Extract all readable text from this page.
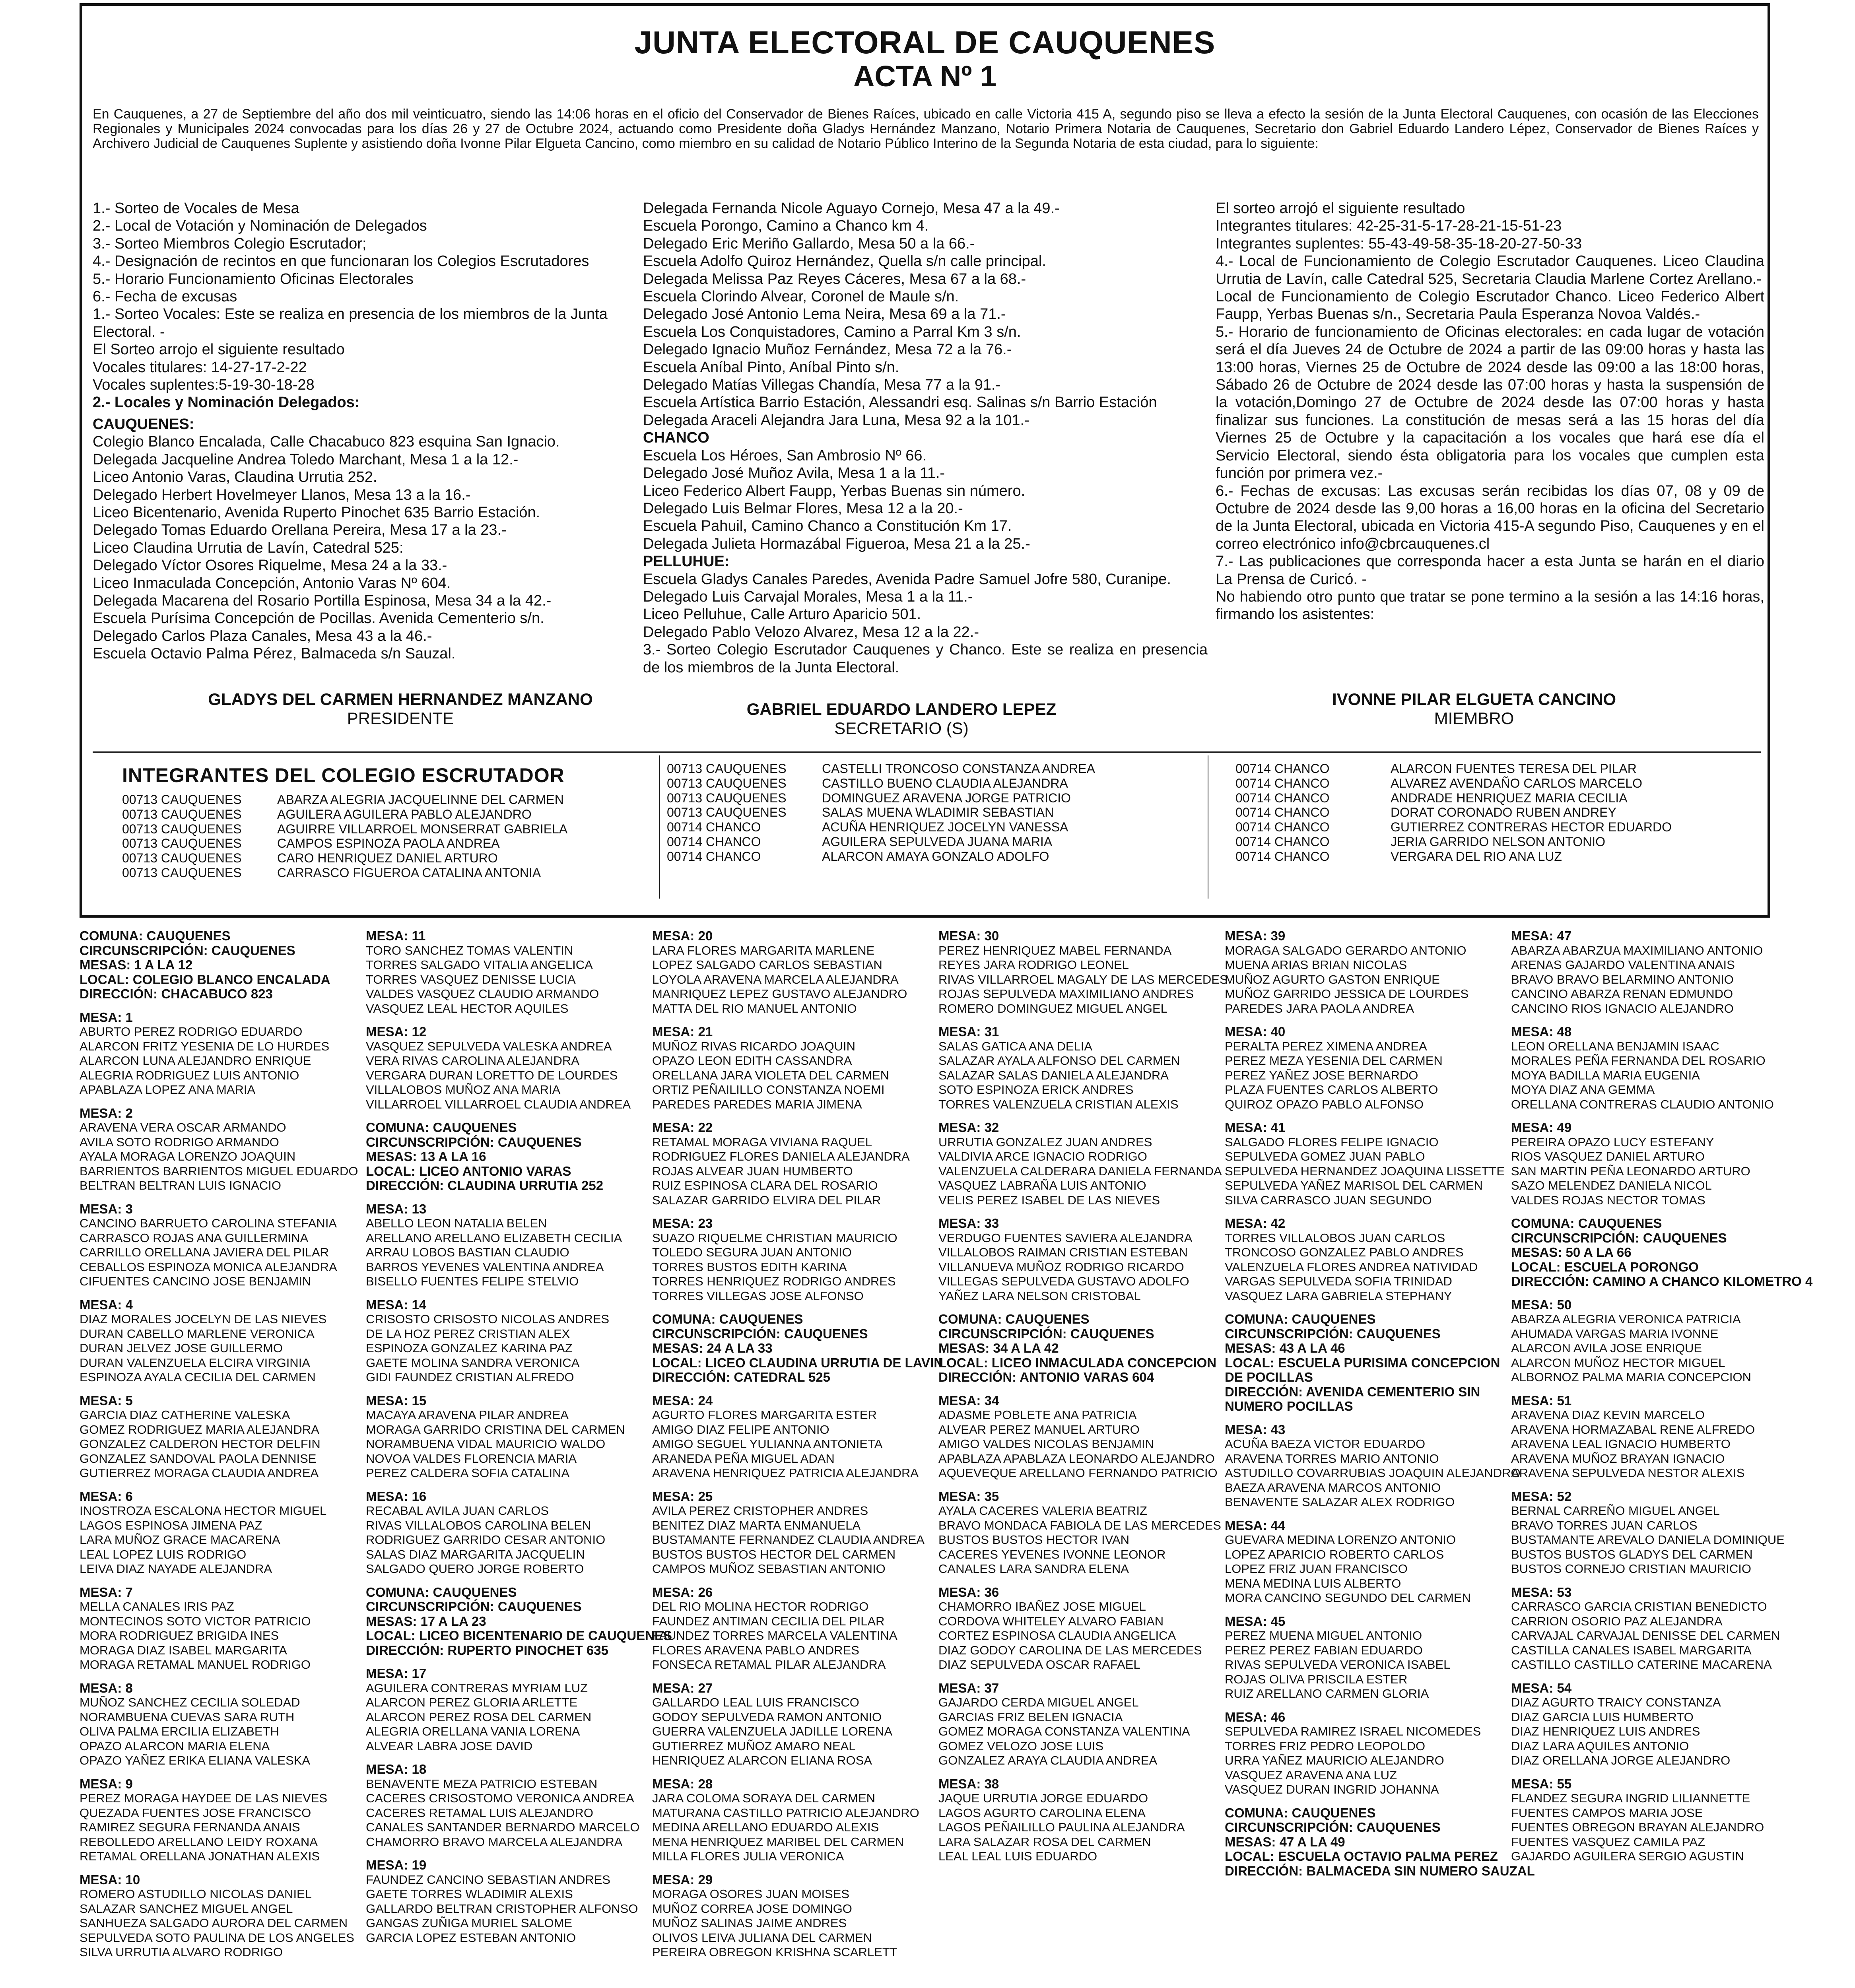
JUNTA ELECTORAL DE CAUQUENES
ACTA Nº 1

En Cauquenes, a 27 de Septiembre del año dos mil veinticuatro, siendo las 14:06 horas en el oficio del Conservador de Bienes Raíces, ubicado en calle Victoria 415 A, segundo piso se lleva a efecto la sesión de la Junta Electoral Cauquenes, con ocasión de las Elecciones Regionales y Municipales 2024 convocadas para los días 26 y 27 de Octubre 2024, actuando como Presidente doña Gladys Hernández Manzano, Notario Primera Notaria de Cauquenes, Secretario don Gabriel Eduardo Landero Lépez, Conservador de Bienes Raíces y Archivero Judicial de Cauquenes Suplente y asistiendo doña Ivonne Pilar Elgueta Cancino, como miembro en su calidad de Notario Público Interino de la Segunda Notaria de esta ciudad, para lo siguiente:

1.- Sorteo de Vocales de Mesa

2.- Local de Votación y Nominación de Delegados

3.- Sorteo Miembros Colegio Escrutador;

4.- Designación de recintos en que funcionaran los Colegios Escrutadores

5.- Horario Funcionamiento Oficinas Electorales

6.- Fecha de excusas

1.- Sorteo Vocales: Este se realiza en presencia de los miembros de la Junta Electoral. -

El Sorteo arrojo el siguiente resultado

Vocales titulares: 14-27-17-2-22

Vocales suplentes:5-19-30-18-28

2.- Locales y Nominación Delegados:

CAUQUENES:

Colegio Blanco Encalada, Calle Chacabuco 823 esquina San Ignacio.

Delegada Jacqueline Andrea Toledo Marchant, Mesa 1 a la 12.-

Liceo Antonio Varas, Claudina Urrutia 252.

Delegado Herbert Hovelmeyer Llanos, Mesa 13 a la 16.-

Liceo Bicentenario, Avenida Ruperto Pinochet 635 Barrio Estación.

Delegado Tomas Eduardo Orellana Pereira, Mesa 17 a la 23.-

Liceo Claudina Urrutia de Lavín, Catedral 525:

Delegado Víctor Osores Riquelme, Mesa 24 a la 33.-

Liceo Inmaculada Concepción, Antonio Varas Nº 604.

Delegada Macarena del Rosario Portilla Espinosa, Mesa 34 a la 42.-

Escuela Purísima Concepción de Pocillas. Avenida Cementerio s/n.

Delegado Carlos Plaza Canales, Mesa 43 a la 46.-

Escuela Octavio Palma Pérez, Balmaceda s/n Sauzal.

Delegada Fernanda Nicole Aguayo Cornejo, Mesa 47 a la 49.-

Escuela Porongo, Camino a Chanco km 4.

Delegado Eric Meriño Gallardo, Mesa 50 a la 66.-

Escuela Adolfo Quiroz Hernández, Quella s/n calle principal.

Delegada Melissa Paz Reyes Cáceres, Mesa 67 a la 68.-

Escuela Clorindo Alvear, Coronel de Maule s/n.

Delegado José Antonio Lema Neira, Mesa 69 a la 71.-

Escuela Los Conquistadores, Camino a Parral Km 3 s/n.

Delegado Ignacio Muñoz Fernández, Mesa 72 a la 76.-

Escuela Aníbal Pinto, Aníbal Pinto s/n.

Delegado Matías Villegas Chandía, Mesa 77 a la 91.-

Escuela Artística Barrio Estación, Alessandri esq. Salinas s/n Barrio Estación

Delegada Araceli Alejandra Jara Luna, Mesa 92 a la 101.-

CHANCO

Escuela Los Héroes, San Ambrosio Nº 66.

Delegado José Muñoz Avila, Mesa 1 a la 11.-

Liceo Federico Albert Faupp, Yerbas Buenas sin número.

Delegado Luis Belmar Flores, Mesa 12 a la 20.-

Escuela Pahuil, Camino Chanco a Constitución Km 17.

Delegada Julieta Hormazábal Figueroa, Mesa 21 a la 25.-

PELLUHUE:

Escuela Gladys Canales Paredes, Avenida Padre Samuel Jofre 580, Curanipe.

Delegado Luis Carvajal Morales, Mesa 1 a la 11.-

Liceo Pelluhue, Calle Arturo Aparicio 501.

Delegado Pablo Velozo Alvarez, Mesa 12 a la 22.-

3.- Sorteo Colegio Escrutador Cauquenes y Chanco. Este se realiza en presencia de los miembros de la Junta Electoral.

El sorteo arrojó el siguiente resultado

Integrantes titulares: 42-25-31-5-17-28-21-15-51-23

Integrantes suplentes: 55-43-49-58-35-18-20-27-50-33

4.- Local de Funcionamiento de Colegio Escrutador Cauquenes. Liceo Claudina Urrutia de Lavín, calle Catedral 525, Secretaria Claudia Marlene Cortez Arellano.-

Local de Funcionamiento de Colegio Escrutador Chanco. Liceo Federico Albert Faupp, Yerbas Buenas s/n., Secretaria Paula Esperanza Novoa Valdés.-

5.- Horario de funcionamiento de Oficinas electorales: en cada lugar de votación será el día Jueves 24 de Octubre de 2024 a partir de las 09:00 horas y hasta las 13:00 horas, Viernes 25 de Octubre de 2024 desde las 09:00 a las 18:00 horas, Sábado 26 de Octubre de 2024 desde las 07:00 horas y hasta la suspensión de la votación,Domingo 27 de Octubre de 2024 desde las 07:00 horas y hasta finalizar sus funciones. La constitución de mesas será a las 15 horas del día Viernes 25 de Octubre y la capacitación a los vocales que hará ese día el Servicio Electoral, siendo ésta obligatoria para los vocales que cumplen esta función por primera vez.-

6.- Fechas de excusas: Las excusas serán recibidas los días 07, 08 y 09 de Octubre de 2024 desde las 9,00 horas a 16,00 horas en la oficina del Secretario de la Junta Electoral, ubicada en Victoria 415-A segundo Piso, Cauquenes y en el correo electrónico info@cbrcauquenes.cl

7.- Las publicaciones que corresponda hacer a esta Junta se harán en el diario La Prensa de Curicó. -

No habiendo otro punto que tratar se pone termino a la sesión a las 14:16 horas, firmando los asistentes:

GLADYS DEL CARMEN HERNANDEZ MANZANO
PRESIDENTE	GABRIEL EDUARDO LANDERO LEPEZ
SECRETARIO (S)
IVONNE PILAR ELGUETA CANCINO
MIEMBRO
INTEGRANTES DEL COLEGIO ESCRUTADOR
00713 CAUQUENES	ABARZA ALEGRIA JACQUELINNE DEL CARMEN
00713 CAUQUENES	AGUILERA AGUILERA PABLO ALEJANDRO
00713 CAUQUENES	AGUIRRE VILLARROEL MONSERRAT GABRIELA
00713 CAUQUENES	CAMPOS ESPINOZA PAOLA ANDREA
00713 CAUQUENES	CARO HENRIQUEZ DANIEL ARTURO
00713 CAUQUENES	CARRASCO FIGUEROA CATALINA ANTONIA
00713 CAUQUENES	CASTELLI TRONCOSO CONSTANZA ANDREA
00713 CAUQUENES	CASTILLO BUENO CLAUDIA ALEJANDRA
00713 CAUQUENES	DOMINGUEZ ARAVENA JORGE PATRICIO
00713 CAUQUENES	SALAS MUENA WLADIMIR SEBASTIAN
00714 CHANCO	ACUÑA HENRIQUEZ JOCELYN VANESSA
00714 CHANCO	AGUILERA SEPULVEDA JUANA MARIA
00714 CHANCO	ALARCON AMAYA GONZALO ADOLFO
00714 CHANCO	ALARCON FUENTES TERESA DEL PILAR
00714 CHANCO	ALVAREZ AVENDAÑO CARLOS MARCELO
00714 CHANCO	ANDRADE HENRIQUEZ MARIA CECILIA
00714 CHANCO	DORAT CORONADO RUBEN ANDREY
00714 CHANCO	GUTIERREZ CONTRERAS HECTOR EDUARDO
00714 CHANCO	JERIA GARRIDO NELSON ANTONIO
00714 CHANCO	VERGARA DEL RIO ANA LUZ
COMUNA: CAUQUENES
CIRCUNSCRIPCIÓN: CAUQUENES
MESAS: 1 A LA 12
LOCAL: COLEGIO BLANCO ENCALADA
DIRECCIÓN: CHACABUCO 823
MESA: 1
ABURTO PEREZ RODRIGO EDUARDO
ALARCON FRITZ YESENIA DE LO HURDES
ALARCON LUNA ALEJANDRO ENRIQUE
ALEGRIA RODRIGUEZ LUIS ANTONIO
APABLAZA LOPEZ ANA MARIA
MESA: 2
ARAVENA VERA OSCAR ARMANDO
AVILA SOTO RODRIGO ARMANDO
AYALA MORAGA LORENZO JOAQUIN
BARRIENTOS BARRIENTOS MIGUEL EDUARDO
BELTRAN BELTRAN LUIS IGNACIO
MESA: 3
CANCINO BARRUETO CAROLINA STEFANIA
CARRASCO ROJAS ANA GUILLERMINA
CARRILLO ORELLANA JAVIERA DEL PILAR
CEBALLOS ESPINOZA MONICA ALEJANDRA
CIFUENTES CANCINO JOSE BENJAMIN
MESA: 4
DIAZ MORALES JOCELYN DE LAS NIEVES
DURAN CABELLO MARLENE VERONICA
DURAN JELVEZ JOSE GUILLERMO
DURAN VALENZUELA ELCIRA VIRGINIA
ESPINOZA AYALA CECILIA DEL CARMEN
MESA: 5
GARCIA DIAZ CATHERINE VALESKA
GOMEZ RODRIGUEZ MARIA ALEJANDRA
GONZALEZ CALDERON HECTOR DELFIN
GONZALEZ SANDOVAL PAOLA DENNISE
GUTIERREZ MORAGA CLAUDIA ANDREA
MESA: 6
INOSTROZA ESCALONA HECTOR MIGUEL
LAGOS ESPINOSA JIMENA PAZ
LARA MUÑOZ GRACE MACARENA
LEAL LOPEZ LUIS RODRIGO
LEIVA DIAZ NAYADE ALEJANDRA
MESA: 7
MELLA CANALES IRIS PAZ
MONTECINOS SOTO VICTOR PATRICIO
MORA RODRIGUEZ BRIGIDA INES
MORAGA DIAZ ISABEL MARGARITA
MORAGA RETAMAL MANUEL RODRIGO
MESA: 8
MUÑOZ SANCHEZ CECILIA SOLEDAD
NORAMBUENA CUEVAS SARA RUTH
OLIVA PALMA ERCILIA ELIZABETH
OPAZO ALARCON MARIA ELENA
OPAZO YAÑEZ ERIKA ELIANA VALESKA
MESA: 9
PEREZ MORAGA HAYDEE DE LAS NIEVES
QUEZADA FUENTES JOSE FRANCISCO
RAMIREZ SEGURA FERNANDA ANAIS
REBOLLEDO ARELLANO LEIDY ROXANA
RETAMAL ORELLANA JONATHAN ALEXIS
MESA: 10
ROMERO ASTUDILLO NICOLAS DANIEL
SALAZAR SANCHEZ MIGUEL ANGEL
SANHUEZA SALGADO AURORA DEL CARMEN
SEPULVEDA SOTO PAULINA DE LOS ANGELES
SILVA URRUTIA ALVARO RODRIGO
MESA: 11
TORO SANCHEZ TOMAS VALENTIN
TORRES SALGADO VITALIA ANGELICA
TORRES VASQUEZ DENISSE LUCIA
VALDES VASQUEZ CLAUDIO ARMANDO
VASQUEZ LEAL HECTOR AQUILES
MESA: 12
VASQUEZ SEPULVEDA VALESKA ANDREA
VERA RIVAS CAROLINA ALEJANDRA
VERGARA DURAN LORETTO DE LOURDES
VILLALOBOS MUÑOZ ANA MARIA
VILLARROEL VILLARROEL CLAUDIA ANDREA
COMUNA: CAUQUENES
CIRCUNSCRIPCIÓN: CAUQUENES
MESAS: 13 A LA 16
LOCAL: LICEO ANTONIO VARAS
DIRECCIÓN: CLAUDINA URRUTIA 252
MESA: 13
ABELLO LEON NATALIA BELEN
ARELLANO ARELLANO ELIZABETH CECILIA
ARRAU LOBOS BASTIAN CLAUDIO
BARROS YEVENES VALENTINA ANDREA
BISELLO FUENTES FELIPE STELVIO
MESA: 14
CRISOSTO CRISOSTO NICOLAS ANDRES
DE LA HOZ PEREZ CRISTIAN ALEX
ESPINOZA GONZALEZ KARINA PAZ
GAETE MOLINA SANDRA VERONICA
GIDI FAUNDEZ CRISTIAN ALFREDO
MESA: 15
MACAYA ARAVENA PILAR ANDREA
MORAGA GARRIDO CRISTINA DEL CARMEN
NORAMBUENA VIDAL MAURICIO WALDO
NOVOA VALDES FLORENCIA MARIA
PEREZ CALDERA SOFIA CATALINA
MESA: 16
RECABAL AVILA JUAN CARLOS
RIVAS VILLALOBOS CAROLINA BELEN
RODRIGUEZ GARRIDO CESAR ANTONIO
SALAS DIAZ MARGARITA JACQUELIN
SALGADO QUERO JORGE ROBERTO
COMUNA: CAUQUENES
CIRCUNSCRIPCIÓN: CAUQUENES
MESAS: 17 A LA 23
LOCAL: LICEO BICENTENARIO DE CAUQUENES
DIRECCIÓN: RUPERTO PINOCHET 635
MESA: 17
AGUILERA CONTRERAS MYRIAM LUZ
ALARCON PEREZ GLORIA ARLETTE
ALARCON PEREZ ROSA DEL CARMEN
ALEGRIA ORELLANA VANIA LORENA
ALVEAR LABRA JOSE DAVID
MESA: 18
BENAVENTE MEZA PATRICIO ESTEBAN
CACERES CRISOSTOMO VERONICA ANDREA
CACERES RETAMAL LUIS ALEJANDRO
CANALES SANTANDER BERNARDO MARCELO
CHAMORRO BRAVO MARCELA ALEJANDRA
MESA: 19
FAUNDEZ CANCINO SEBASTIAN ANDRES
GAETE TORRES WLADIMIR ALEXIS
GALLARDO BELTRAN CRISTOPHER ALFONSO
GANGAS ZUÑIGA MURIEL SALOME
GARCIA LOPEZ ESTEBAN ANTONIO
MESA: 20
LARA FLORES MARGARITA MARLENE
LOPEZ SALGADO CARLOS SEBASTIAN
LOYOLA ARAVENA MARCELA ALEJANDRA
MANRIQUEZ LEPEZ GUSTAVO ALEJANDRO
MATTA DEL RIO MANUEL ANTONIO
MESA: 21
MUÑOZ RIVAS RICARDO JOAQUIN
OPAZO LEON EDITH CASSANDRA
ORELLANA JARA VIOLETA DEL CARMEN
ORTIZ PEÑAILILLO CONSTANZA NOEMI
PAREDES PAREDES MARIA JIMENA
MESA: 22
RETAMAL MORAGA VIVIANA RAQUEL
RODRIGUEZ FLORES DANIELA ALEJANDRA
ROJAS ALVEAR JUAN HUMBERTO
RUIZ ESPINOSA CLARA DEL ROSARIO
SALAZAR GARRIDO ELVIRA DEL PILAR
MESA: 23
SUAZO RIQUELME CHRISTIAN MAURICIO
TOLEDO SEGURA JUAN ANTONIO
TORRES BUSTOS EDITH KARINA
TORRES HENRIQUEZ RODRIGO ANDRES
TORRES VILLEGAS JOSE ALFONSO
COMUNA: CAUQUENES
CIRCUNSCRIPCIÓN: CAUQUENES
MESAS: 24 A LA 33
LOCAL: LICEO CLAUDINA URRUTIA DE LAVIN
DIRECCIÓN: CATEDRAL 525
MESA: 24
AGURTO FLORES MARGARITA ESTER
AMIGO DIAZ FELIPE ANTONIO
AMIGO SEGUEL YULIANNA ANTONIETA
ARANEDA PEÑA MIGUEL ADAN
ARAVENA HENRIQUEZ PATRICIA ALEJANDRA
MESA: 25
AVILA PEREZ CRISTOPHER ANDRES
BENITEZ DIAZ MARTA ENMANUELA
BUSTAMANTE FERNANDEZ CLAUDIA ANDREA
BUSTOS BUSTOS HECTOR DEL CARMEN
CAMPOS MUÑOZ SEBASTIAN ANTONIO
MESA: 26
DEL RIO MOLINA HECTOR RODRIGO
FAUNDEZ ANTIMAN CECILIA DEL PILAR
FAUNDEZ TORRES MARCELA VALENTINA
FLORES ARAVENA PABLO ANDRES
FONSECA RETAMAL PILAR ALEJANDRA
MESA: 27
GALLARDO LEAL LUIS FRANCISCO
GODOY SEPULVEDA RAMON ANTONIO
GUERRA VALENZUELA JADILLE LORENA
GUTIERREZ MUÑOZ AMARO NEAL
HENRIQUEZ ALARCON ELIANA ROSA
MESA: 28
JARA COLOMA SORAYA DEL CARMEN
MATURANA CASTILLO PATRICIO ALEJANDRO
MEDINA ARELLANO EDUARDO ALEXIS
MENA HENRIQUEZ MARIBEL DEL CARMEN
MILLA FLORES JULIA VERONICA
MESA: 29
MORAGA OSORES JUAN MOISES
MUÑOZ CORREA JOSE DOMINGO
MUÑOZ SALINAS JAIME ANDRES
OLIVOS LEIVA JULIANA DEL CARMEN
PEREIRA OBREGON KRISHNA SCARLETT
MESA: 30
PEREZ HENRIQUEZ MABEL FERNANDA
REYES JARA RODRIGO LEONEL
RIVAS VILLARROEL MAGALY DE LAS MERCEDES
ROJAS SEPULVEDA MAXIMILIANO ANDRES
ROMERO DOMINGUEZ MIGUEL ANGEL
MESA: 31
SALAS GATICA ANA DELIA
SALAZAR AYALA ALFONSO DEL CARMEN
SALAZAR SALAS DANIELA ALEJANDRA
SOTO ESPINOZA ERICK ANDRES
TORRES VALENZUELA CRISTIAN ALEXIS
MESA: 32
URRUTIA GONZALEZ JUAN ANDRES
VALDIVIA ARCE IGNACIO RODRIGO
VALENZUELA CALDERARA DANIELA FERNANDA
VASQUEZ LABRAÑA LUIS ANTONIO
VELIS PEREZ ISABEL DE LAS NIEVES
MESA: 33
VERDUGO FUENTES SAVIERA ALEJANDRA
VILLALOBOS RAIMAN CRISTIAN ESTEBAN
VILLANUEVA MUÑOZ RODRIGO RICARDO
VILLEGAS SEPULVEDA GUSTAVO ADOLFO
YAÑEZ LARA NELSON CRISTOBAL
COMUNA: CAUQUENES
CIRCUNSCRIPCIÓN: CAUQUENES
MESAS: 34 A LA 42
LOCAL: LICEO INMACULADA CONCEPCION
DIRECCIÓN: ANTONIO VARAS 604
MESA: 34
ADASME POBLETE ANA PATRICIA
ALVEAR PEREZ MANUEL ARTURO
AMIGO VALDES NICOLAS BENJAMIN
APABLAZA APABLAZA LEONARDO ALEJANDRO
AQUEVEQUE ARELLANO FERNANDO PATRICIO
MESA: 35
AYALA CACERES VALERIA BEATRIZ
BRAVO MONDACA FABIOLA DE LAS MERCEDES
BUSTOS BUSTOS HECTOR IVAN
CACERES YEVENES IVONNE LEONOR
CANALES LARA SANDRA ELENA
MESA: 36
CHAMORRO IBAÑEZ JOSE MIGUEL
CORDOVA WHITELEY ALVARO FABIAN
CORTEZ ESPINOSA CLAUDIA ANGELICA
DIAZ GODOY CAROLINA DE LAS MERCEDES
DIAZ SEPULVEDA OSCAR RAFAEL
MESA: 37
GAJARDO CERDA MIGUEL ANGEL
GARCIAS FRIZ BELEN IGNACIA
GOMEZ MORAGA CONSTANZA VALENTINA
GOMEZ VELOZO JOSE LUIS
GONZALEZ ARAYA CLAUDIA ANDREA
MESA: 38
JAQUE URRUTIA JORGE EDUARDO
LAGOS AGURTO CAROLINA ELENA
LAGOS PEÑAILILLO PAULINA ALEJANDRA
LARA SALAZAR ROSA DEL CARMEN
LEAL LEAL LUIS EDUARDO
MESA: 39
MORAGA SALGADO GERARDO ANTONIO
MUENA ARIAS BRIAN NICOLAS
MUÑOZ AGURTO GASTON ENRIQUE
MUÑOZ GARRIDO JESSICA DE LOURDES
PAREDES JARA PAOLA ANDREA
MESA: 40
PERALTA PEREZ XIMENA ANDREA
PEREZ MEZA YESENIA DEL CARMEN
PEREZ YAÑEZ JOSE BERNARDO
PLAZA FUENTES CARLOS ALBERTO
QUIROZ OPAZO PABLO ALFONSO
MESA: 41
SALGADO FLORES FELIPE IGNACIO
SEPULVEDA GOMEZ JUAN PABLO
SEPULVEDA HERNANDEZ JOAQUINA LISSETTE
SEPULVEDA YAÑEZ MARISOL DEL CARMEN
SILVA CARRASCO JUAN SEGUNDO
MESA: 42
TORRES VILLALOBOS JUAN CARLOS
TRONCOSO GONZALEZ PABLO ANDRES
VALENZUELA FLORES ANDREA NATIVIDAD
VARGAS SEPULVEDA SOFIA TRINIDAD
VASQUEZ LARA GABRIELA STEPHANY
COMUNA: CAUQUENES
CIRCUNSCRIPCIÓN: CAUQUENES
MESAS: 43 A LA 46
LOCAL: ESCUELA PURISIMA CONCEPCION
DE POCILLAS
DIRECCIÓN: AVENIDA CEMENTERIO SIN
NUMERO POCILLAS
MESA: 43
ACUÑA BAEZA VICTOR EDUARDO
ARAVENA TORRES MARIO ANTONIO
ASTUDILLO COVARRUBIAS JOAQUIN ALEJANDRO
BAEZA ARAVENA MARCOS ANTONIO
BENAVENTE SALAZAR ALEX RODRIGO
MESA: 44
GUEVARA MEDINA LORENZO ANTONIO
LOPEZ APARICIO ROBERTO CARLOS
LOPEZ FRIZ JUAN FRANCISCO
MENA MEDINA LUIS ALBERTO
MORA CANCINO SEGUNDO DEL CARMEN
MESA: 45
PEREZ MUENA MIGUEL ANTONIO
PEREZ PEREZ FABIAN EDUARDO
RIVAS SEPULVEDA VERONICA ISABEL
ROJAS OLIVA PRISCILA ESTER
RUIZ ARELLANO CARMEN GLORIA
MESA: 46
SEPULVEDA RAMIREZ ISRAEL NICOMEDES
TORRES FRIZ PEDRO LEOPOLDO
URRA YAÑEZ MAURICIO ALEJANDRO
VASQUEZ ARAVENA ANA LUZ
VASQUEZ DURAN INGRID JOHANNA
COMUNA: CAUQUENES
CIRCUNSCRIPCIÓN: CAUQUENES
MESAS: 47 A LA 49
LOCAL: ESCUELA OCTAVIO PALMA PEREZ
DIRECCIÓN: BALMACEDA SIN NUMERO SAUZAL
MESA: 47
ABARZA ABARZUA MAXIMILIANO ANTONIO
ARENAS GAJARDO VALENTINA ANAIS
BRAVO BRAVO BELARMINO ANTONIO
CANCINO ABARZA RENAN EDMUNDO
CANCINO RIOS IGNACIO ALEJANDRO
MESA: 48
LEON ORELLANA BENJAMIN ISAAC
MORALES PEÑA FERNANDA DEL ROSARIO
MOYA BADILLA MARIA EUGENIA
MOYA DIAZ ANA GEMMA
ORELLANA CONTRERAS CLAUDIO ANTONIO
MESA: 49
PEREIRA OPAZO LUCY ESTEFANY
RIOS VASQUEZ DANIEL ARTURO
SAN MARTIN PEÑA LEONARDO ARTURO
SAZO MELENDEZ DANIELA NICOL
VALDES ROJAS NECTOR TOMAS
COMUNA: CAUQUENES
CIRCUNSCRIPCIÓN: CAUQUENES
MESAS: 50 A LA 66
LOCAL: ESCUELA PORONGO
DIRECCIÓN: CAMINO A CHANCO KILOMETRO 4
MESA: 50
ABARZA ALEGRIA VERONICA PATRICIA
AHUMADA VARGAS MARIA IVONNE
ALARCON AVILA JOSE ENRIQUE
ALARCON MUÑOZ HECTOR MIGUEL
ALBORNOZ PALMA MARIA CONCEPCION
MESA: 51
ARAVENA DIAZ KEVIN MARCELO
ARAVENA HORMAZABAL RENE ALFREDO
ARAVENA LEAL IGNACIO HUMBERTO
ARAVENA MUÑOZ BRAYAN IGNACIO
ARAVENA SEPULVEDA NESTOR ALEXIS
MESA: 52
BERNAL CARREÑO MIGUEL ANGEL
BRAVO TORRES JUAN CARLOS
BUSTAMANTE AREVALO DANIELA DOMINIQUE
BUSTOS BUSTOS GLADYS DEL CARMEN
BUSTOS CORNEJO CRISTIAN MAURICIO
MESA: 53
CARRASCO GARCIA CRISTIAN BENEDICTO
CARRION OSORIO PAZ ALEJANDRA
CARVAJAL CARVAJAL DENISSE DEL CARMEN
CASTILLA CANALES ISABEL MARGARITA
CASTILLO CASTILLO CATERINE MACARENA
MESA: 54
DIAZ AGURTO TRAICY CONSTANZA
DIAZ GARCIA LUIS HUMBERTO
DIAZ HENRIQUEZ LUIS ANDRES
DIAZ LARA AQUILES ANTONIO
DIAZ ORELLANA JORGE ALEJANDRO
MESA: 55
FLANDEZ SEGURA INGRID LILIANNETTE
FUENTES CAMPOS MARIA JOSE
FUENTES OBREGON BRAYAN ALEJANDRO
FUENTES VASQUEZ CAMILA PAZ
GAJARDO AGUILERA SERGIO AGUSTIN
